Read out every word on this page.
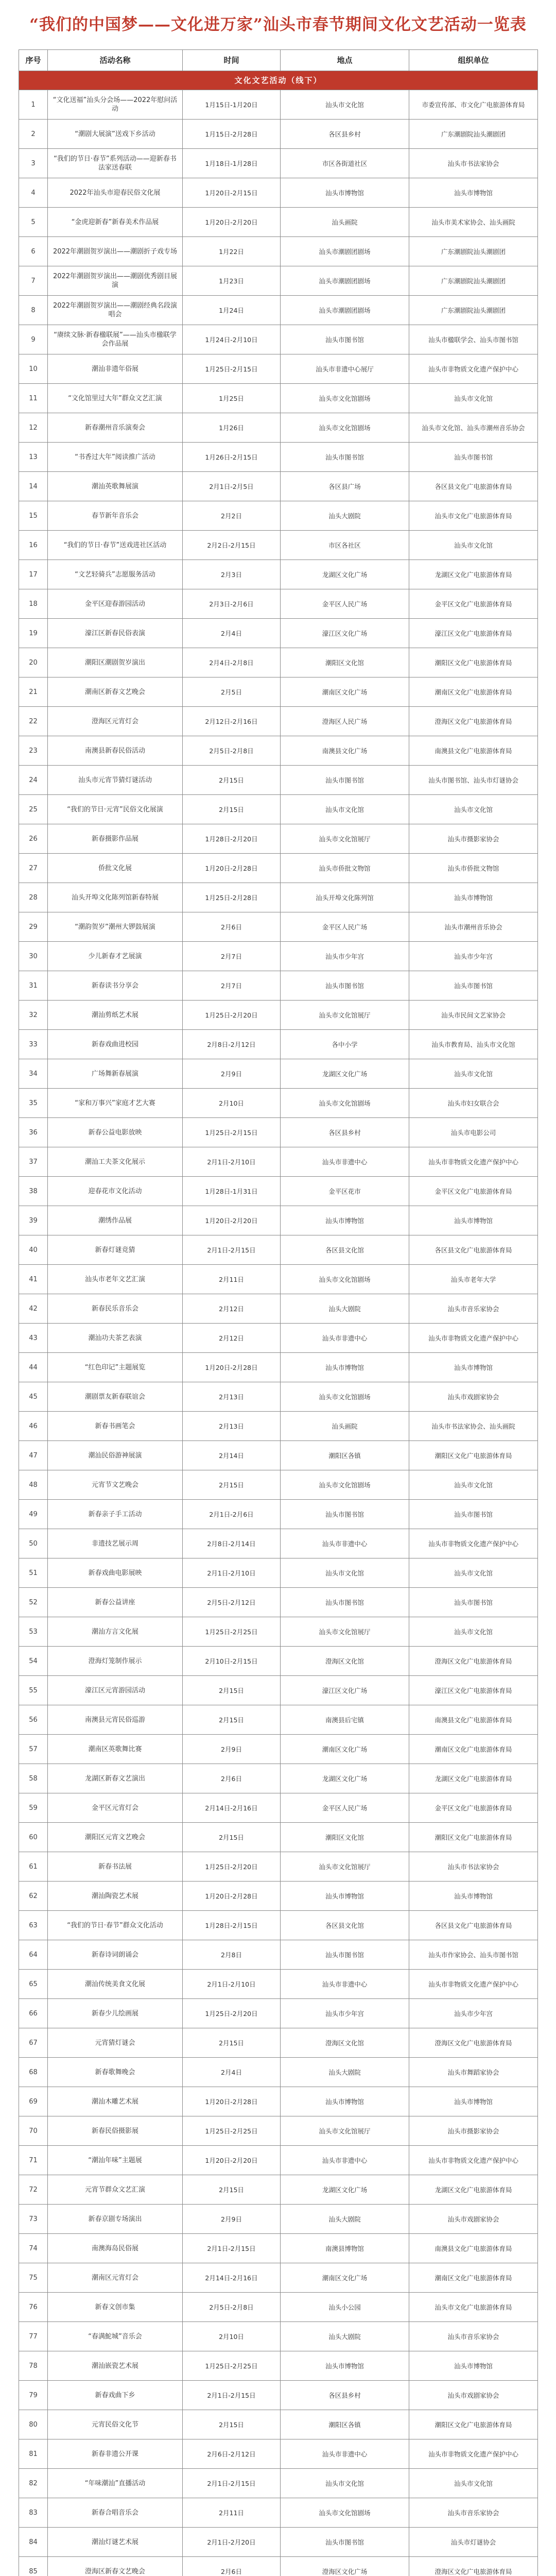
“我们的中国梦——文化进万家”汕头市春节期间文化文艺活动一览表
序号	活动名称	时间	地点	组织单位
文化文艺活动（线下）				
1	“文化送福”汕头分会场——2022年慰问活动	1月15日-1月20日	汕头市文化馆	市委宣传部、市文化广电旅游体育局
2	“潮剧大展演”送戏下乡活动	1月15日-2月28日	各区县乡村	广东潮剧院汕头潮剧团
3	“我们的节日·春节”系列活动——迎新春书法家送春联	1月18日-1月28日	市区各街道社区	汕头市书法家协会
4	2022年汕头市迎春民俗文化展	1月20日-2月15日	汕头市博物馆	汕头市博物馆
5	“金虎迎新春”新春美术作品展	1月20日-2月20日	汕头画院	汕头市美术家协会、汕头画院
6	2022年潮剧贺岁演出——潮剧折子戏专场	1月22日	汕头市潮剧团剧场	广东潮剧院汕头潮剧团
7	2022年潮剧贺岁演出——潮剧优秀剧目展演	1月23日	汕头市潮剧团剧场	广东潮剧院汕头潮剧团
8	2022年潮剧贺岁演出——潮剧经典名段演唱会	1月24日	汕头市潮剧团剧场	广东潮剧院汕头潮剧团
9	“赓续文脉·新春楹联展”——汕头市楹联学会作品展	1月24日-2月10日	汕头市图书馆	汕头市楹联学会、汕头市图书馆
10	潮汕非遗年俗展	1月25日-2月15日	汕头市非遗中心展厅	汕头市非物质文化遗产保护中心
11	“文化馆里过大年”群众文艺汇演	1月25日	汕头市文化馆剧场	汕头市文化馆
12	新春潮州音乐演奏会	1月26日	汕头市文化馆剧场	汕头市文化馆、汕头市潮州音乐协会
13	“书香过大年”阅读推广活动	1月26日-2月15日	汕头市图书馆	汕头市图书馆
14	潮汕英歌舞展演	2月1日-2月5日	各区县广场	各区县文化广电旅游体育局
15	春节新年音乐会	2月2日	汕头大剧院	汕头市文化广电旅游体育局
16	“我们的节日·春节”送戏进社区活动	2月2日-2月15日	市区各社区	汕头市文化馆
17	“文艺轻骑兵”志愿服务活动	2月3日	龙湖区文化广场	龙湖区文化广电旅游体育局
18	金平区迎春游园活动	2月3日-2月6日	金平区人民广场	金平区文化广电旅游体育局
19	濠江区新春民俗表演	2月4日	濠江区文化广场	濠江区文化广电旅游体育局
20	潮阳区潮剧贺岁演出	2月4日-2月8日	潮阳区文化馆	潮阳区文化广电旅游体育局
21	潮南区新春文艺晚会	2月5日	潮南区文化广场	潮南区文化广电旅游体育局
22	澄海区元宵灯会	2月12日-2月16日	澄海区人民广场	澄海区文化广电旅游体育局
23	南澳县新春民俗活动	2月5日-2月8日	南澳县文化广场	南澳县文化广电旅游体育局
24	汕头市元宵节猜灯谜活动	2月15日	汕头市图书馆	汕头市图书馆、汕头市灯谜协会
25	“我们的节日·元宵”民俗文化展演	2月15日	汕头市文化馆	汕头市文化馆
26	新春摄影作品展	1月28日-2月20日	汕头市文化馆展厅	汕头市摄影家协会
27	侨批文化展	1月20日-2月28日	汕头市侨批文物馆	汕头市侨批文物馆
28	汕头开埠文化陈列馆新春特展	1月25日-2月28日	汕头开埠文化陈列馆	汕头市博物馆
29	“潮韵贺岁”潮州大锣鼓展演	2月6日	金平区人民广场	汕头市潮州音乐协会
30	少儿新春才艺展演	2月7日	汕头市少年宫	汕头市少年宫
31	新春读书分享会	2月7日	汕头市图书馆	汕头市图书馆
32	潮汕剪纸艺术展	1月25日-2月20日	汕头市文化馆展厅	汕头市民间文艺家协会
33	新春戏曲进校园	2月8日-2月12日	各中小学	汕头市教育局、汕头市文化馆
34	广场舞新春展演	2月9日	龙湖区文化广场	汕头市文化馆
35	“家和万事兴”家庭才艺大赛	2月10日	汕头市文化馆剧场	汕头市妇女联合会
36	新春公益电影放映	1月25日-2月15日	各区县乡村	汕头市电影公司
37	潮汕工夫茶文化展示	2月1日-2月10日	汕头市非遗中心	汕头市非物质文化遗产保护中心
38	迎春花市文化活动	1月28日-1月31日	金平区花市	金平区文化广电旅游体育局
39	潮绣作品展	1月20日-2月20日	汕头市博物馆	汕头市博物馆
40	新春灯谜竞猜	2月1日-2月15日	各区县文化馆	各区县文化广电旅游体育局
41	汕头市老年文艺汇演	2月11日	汕头市文化馆剧场	汕头市老年大学
42	新春民乐音乐会	2月12日	汕头大剧院	汕头市音乐家协会
43	潮汕功夫茶艺表演	2月12日	汕头市非遗中心	汕头市非物质文化遗产保护中心
44	“红色印记”主题展览	1月20日-2月28日	汕头市博物馆	汕头市博物馆
45	潮剧票友新春联谊会	2月13日	汕头市文化馆剧场	汕头市戏剧家协会
46	新春书画笔会	2月13日	汕头画院	汕头市书法家协会、汕头画院
47	潮汕民俗游神展演	2月14日	潮阳区各镇	潮阳区文化广电旅游体育局
48	元宵节文艺晚会	2月15日	汕头市文化馆剧场	汕头市文化馆
49	新春亲子手工活动	2月1日-2月6日	汕头市图书馆	汕头市图书馆
50	非遗技艺展示周	2月8日-2月14日	汕头市非遗中心	汕头市非物质文化遗产保护中心
51	新春戏曲电影展映	2月1日-2月10日	汕头市文化馆	汕头市文化馆
52	新春公益讲座	2月5日-2月12日	汕头市图书馆	汕头市图书馆
53	潮汕方言文化展	1月25日-2月25日	汕头市文化馆展厅	汕头市文化馆
54	澄海灯笼制作展示	2月10日-2月15日	澄海区文化馆	澄海区文化广电旅游体育局
55	濠江区元宵游园活动	2月15日	濠江区文化广场	濠江区文化广电旅游体育局
56	南澳县元宵民俗巡游	2月15日	南澳县后宅镇	南澳县文化广电旅游体育局
57	潮南区英歌舞比赛	2月9日	潮南区文化广场	潮南区文化广电旅游体育局
58	龙湖区新春文艺演出	2月6日	龙湖区文化广场	龙湖区文化广电旅游体育局
59	金平区元宵灯会	2月14日-2月16日	金平区人民广场	金平区文化广电旅游体育局
60	潮阳区元宵文艺晚会	2月15日	潮阳区文化馆	潮阳区文化广电旅游体育局
61	新春书法展	1月25日-2月20日	汕头市文化馆展厅	汕头市书法家协会
62	潮汕陶瓷艺术展	1月20日-2月28日	汕头市博物馆	汕头市博物馆
63	“我们的节日·春节”群众文化活动	1月28日-2月15日	各区县文化馆	各区县文化广电旅游体育局
64	新春诗词朗诵会	2月8日	汕头市图书馆	汕头市作家协会、汕头市图书馆
65	潮汕传统美食文化展	2月1日-2月10日	汕头市非遗中心	汕头市非物质文化遗产保护中心
66	新春少儿绘画展	1月25日-2月20日	汕头市少年宫	汕头市少年宫
67	元宵猜灯谜会	2月15日	澄海区文化馆	澄海区文化广电旅游体育局
68	新春歌舞晚会	2月4日	汕头大剧院	汕头市舞蹈家协会
69	潮汕木雕艺术展	1月20日-2月28日	汕头市博物馆	汕头市博物馆
70	新春民俗摄影展	1月25日-2月25日	汕头市文化馆展厅	汕头市摄影家协会
71	“潮汕年味”主题展	1月20日-2月20日	汕头市非遗中心	汕头市非物质文化遗产保护中心
72	元宵节群众文艺汇演	2月15日	龙湖区文化广场	龙湖区文化广电旅游体育局
73	新春京剧专场演出	2月9日	汕头大剧院	汕头市戏剧家协会
74	南澳海岛民俗展	2月1日-2月15日	南澳县博物馆	南澳县文化广电旅游体育局
75	潮南区元宵灯会	2月14日-2月16日	潮南区文化广场	潮南区文化广电旅游体育局
76	新春文创市集	2月5日-2月8日	汕头小公园	汕头市文化广电旅游体育局
77	“春满鮀城”音乐会	2月10日	汕头大剧院	汕头市音乐家协会
78	潮汕嵌瓷艺术展	1月25日-2月25日	汕头市博物馆	汕头市博物馆
79	新春戏曲下乡	2月1日-2月15日	各区县乡村	汕头市戏剧家协会
80	元宵民俗文化节	2月15日	潮阳区各镇	潮阳区文化广电旅游体育局
81	新春非遗公开课	2月6日-2月12日	汕头市非遗中心	汕头市非物质文化遗产保护中心
82	“年味潮汕”直播活动	2月1日-2月15日	汕头市文化馆	汕头市文化馆
83	新春合唱音乐会	2月11日	汕头市文化馆剧场	汕头市音乐家协会
84	潮汕灯谜艺术展	2月1日-2月20日	汕头市图书馆	汕头市灯谜协会
85	澄海区新春文艺晚会	2月6日	澄海区文化广场	澄海区文化广电旅游体育局
